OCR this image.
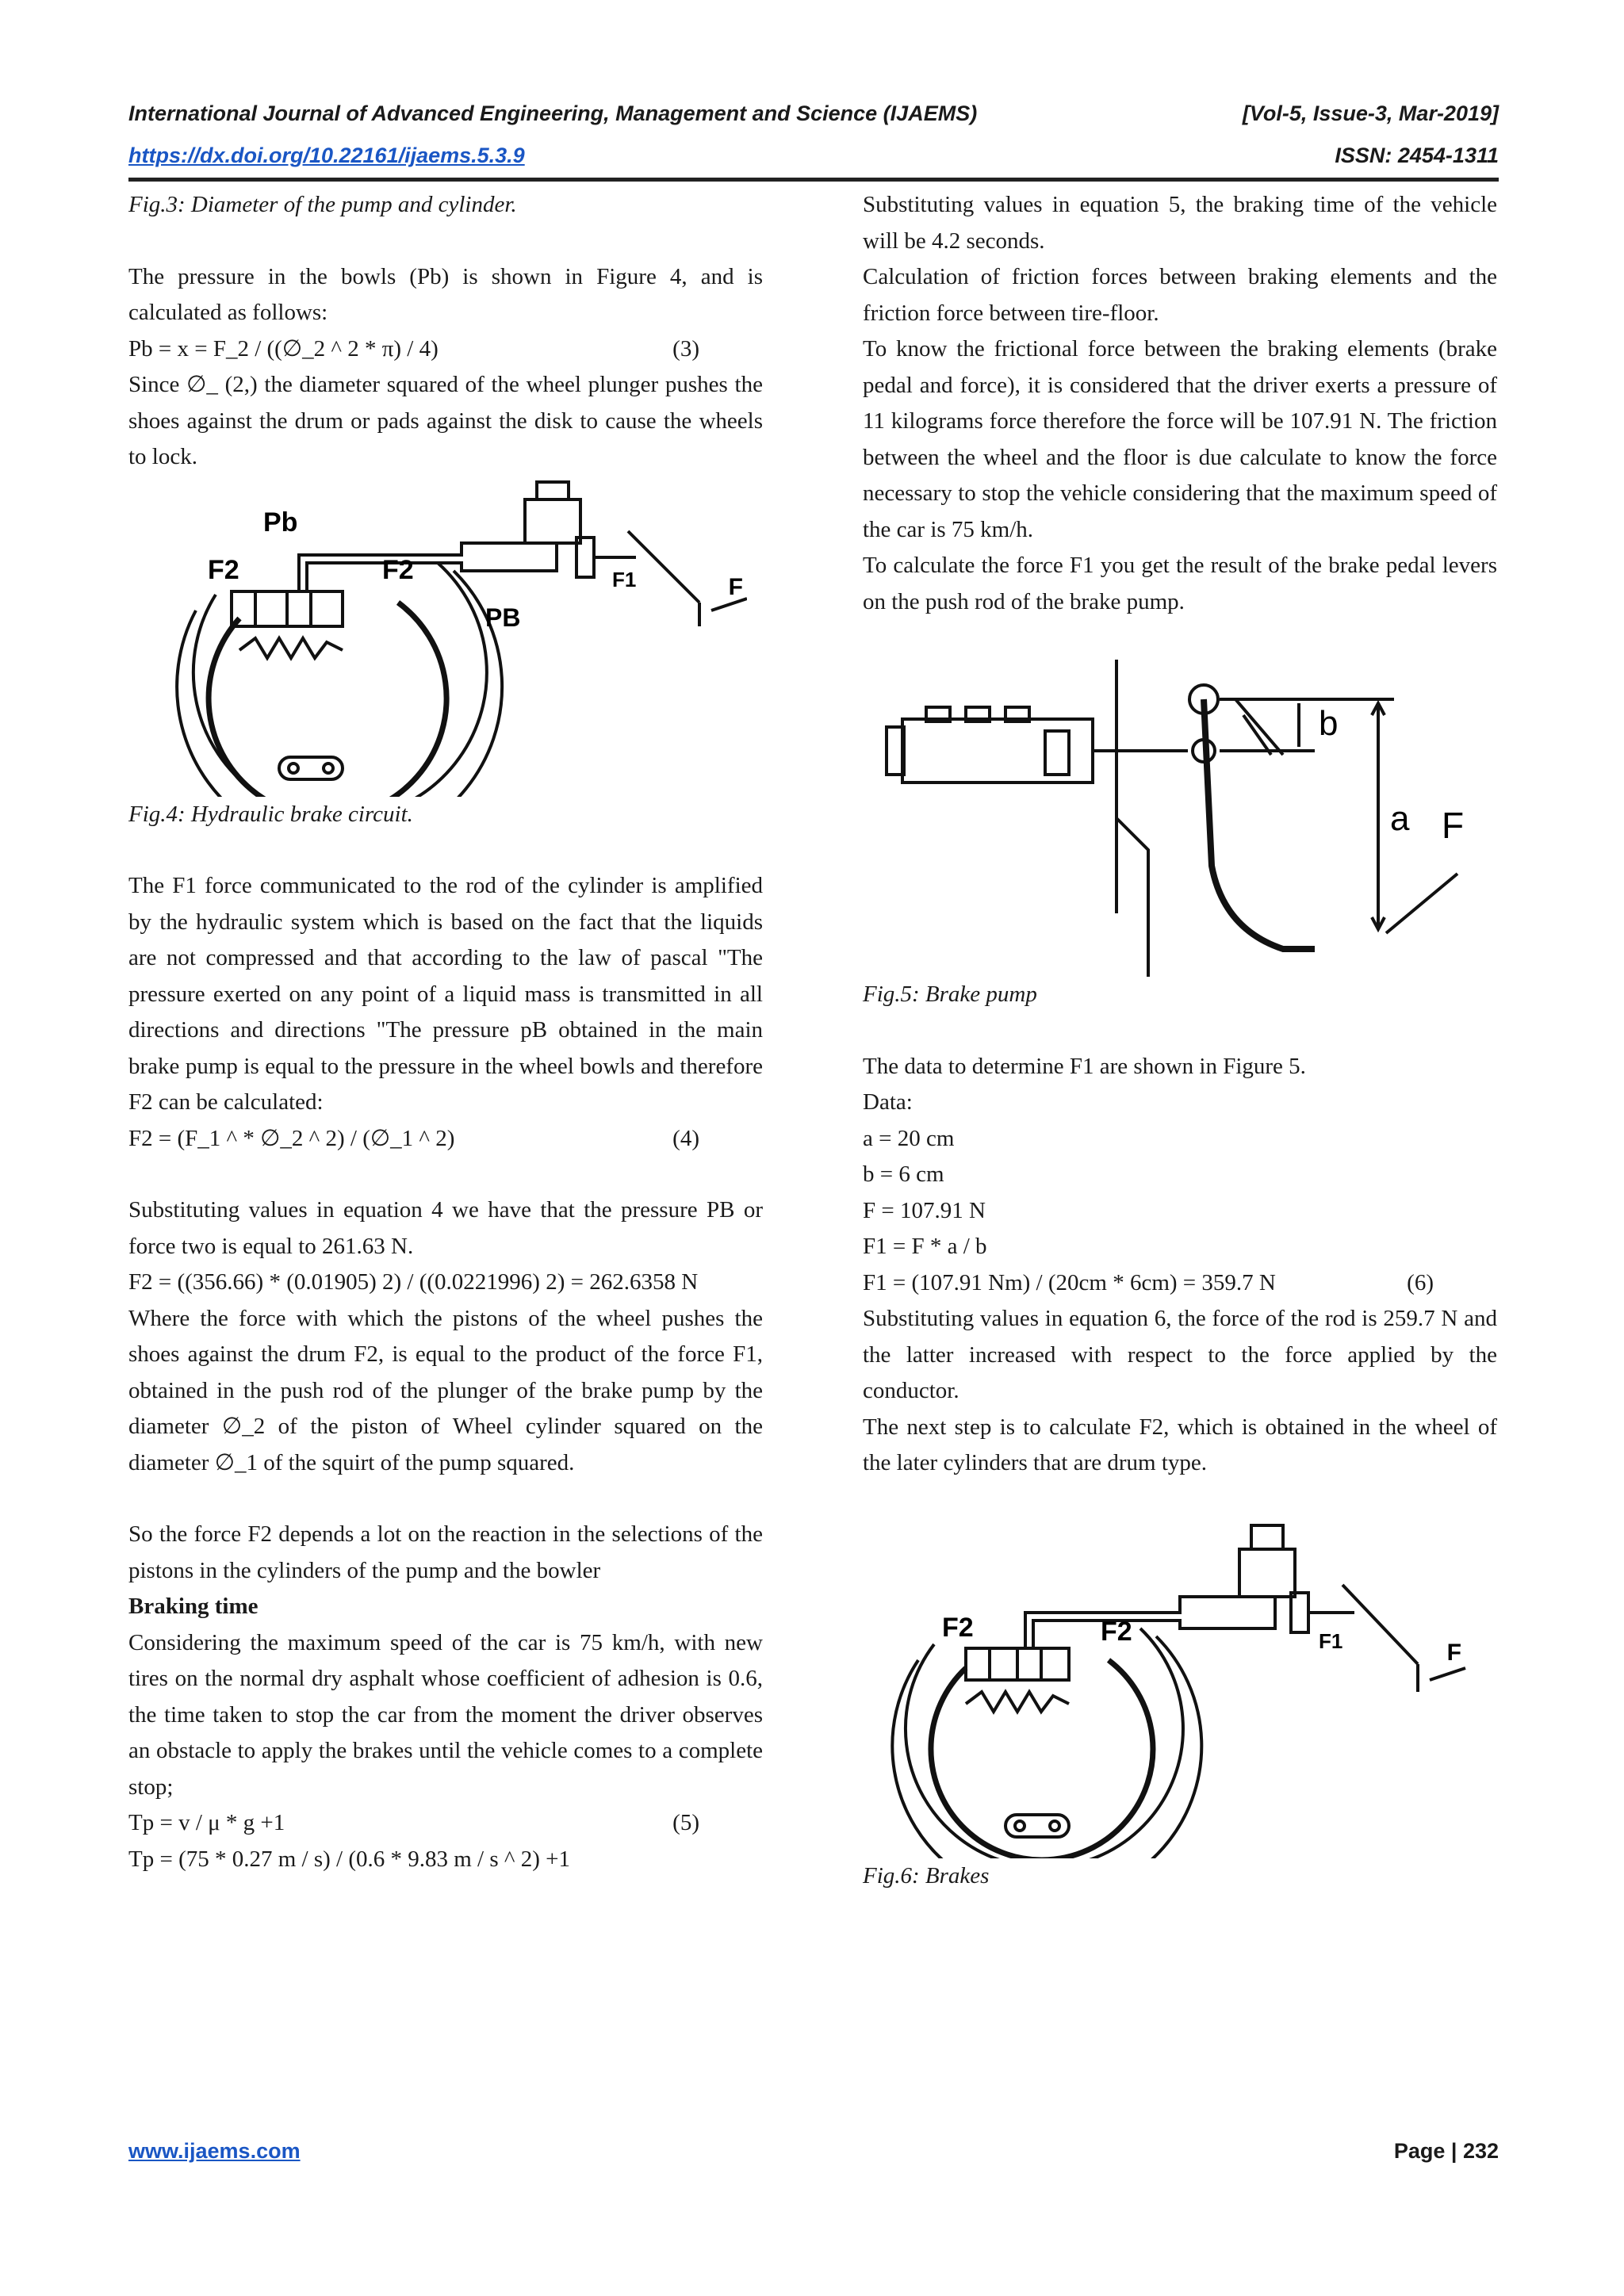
International Journal of Advanced Engineering, Management and Science (IJAEMS)	[Vol-5, Issue-3, Mar-2019]
https://dx.doi.org/10.22161/ijaems.5.3.9	ISSN: 2454-1311

Fig.3: Diameter of the pump and cylinder.

The pressure in the bowls (Pb) is shown in Figure 4, and is calculated as follows:

Pb = x = F_2 / ((∅_2 ^ 2 * π) / 4)	(3)

Since ∅_ (2,) the diameter squared of the wheel plunger pushes the shoes against the drum or pads against the disk to cause the wheels to lock.

Pb
F2	F2
PB
F1	F

Fig.4: Hydraulic brake circuit.

The F1 force communicated to the rod of the cylinder is amplified by the hydraulic system which is based on the fact that the liquids are not compressed and that according to the law of pascal "The pressure exerted on any point of a liquid mass is transmitted in all directions and directions "The pressure pB obtained in the main brake pump is equal to the pressure in the wheel bowls and therefore F2 can be calculated:

F2 = (F_1 ^ * ∅_2 ^ 2) / (∅_1 ^ 2)	(4)

Substituting values in equation 4 we have that the pressure PB or force two is equal to 261.63 N.

F2 = ((356.66) * (0.01905) 2) / ((0.0221996) 2) = 262.6358 N

Where the force with which the pistons of the wheel pushes the shoes against the drum F2, is equal to the product of the force F1, obtained in the push rod of the plunger of the brake pump by the diameter ∅_2 of the piston of Wheel cylinder squared on the diameter ∅_1 of the squirt of the pump squared.

So the force F2 depends a lot on the reaction in the selections of the pistons in the cylinders of the pump and the bowler

Braking time

Considering the maximum speed of the car is 75 km/h, with new tires on the normal dry asphalt whose coefficient of adhesion is 0.6, the time taken to stop the car from the moment the driver observes an obstacle to apply the brakes until the vehicle comes to a complete stop;

Tp = v / μ * g +1	(5)

Tp = (75 * 0.27 m / s) / (0.6 * 9.83 m / s ^ 2) +1

Substituting values in equation 5, the braking time of the vehicle will be 4.2 seconds.

Calculation of friction forces between braking elements and the friction force between tire-floor.

To know the frictional force between the braking elements (brake pedal and force), it is considered that the driver exerts a pressure of 11 kilograms force therefore the force will be 107.91 N. The friction between the wheel and the floor is due calculate to know the force necessary to stop the vehicle considering that the maximum speed of the car is 75 km/h.

To calculate the force F1 you get the result of the brake pedal levers on the push rod of the brake pump.

b
a F

Fig.5: Brake pump

The data to determine F1 are shown in Figure 5.

Data:

a = 20 cm

b = 6 cm

F = 107.91 N

F1 = F * a / b

F1 = (107.91 Nm) / (20cm * 6cm) = 359.7 N	(6)

Substituting values in equation 6, the force of the rod is 259.7 N and the latter increased with respect to the force applied by the conductor.

The next step is to calculate F2, which is obtained in the wheel of the later cylinders that are drum type.

F2	F2	F1	F

Fig.6: Brakes

www.ijaems.com	Page | 232
